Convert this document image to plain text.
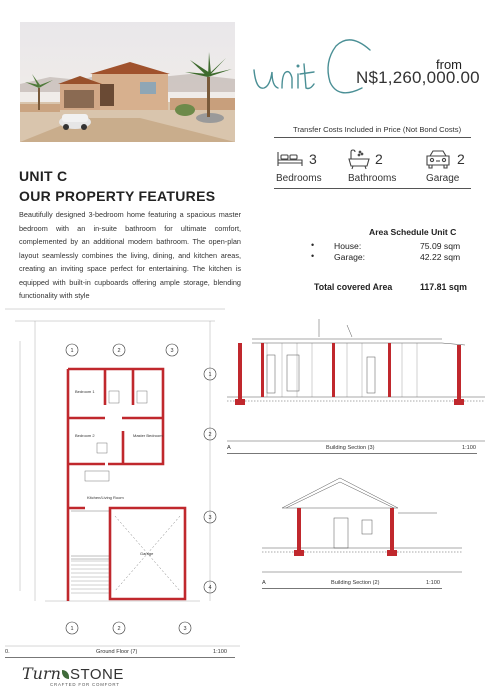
from
N$1,260,000.00
Transfer Costs Included in Price (Not Bond Costs)
3
Bedrooms
2
Bathrooms
2
Garage
UNIT C
OUR PROPERTY FEATURES
Beautifully designed 3-bedroom home featuring a spacious master bedroom with an in-suite bathroom for ultimate comfort, complemented by an additional modern bathroom. The open-plan layout seamlessly combines the living, dining, and kitchen areas, creating an inviting space perfect for entertaining. The kitchen is equipped with built-in cupboards offering ample storage, blending functionality with style
Area Schedule Unit C
• House:	75.09 sqm
• Garage:	42.22 sqm
Total covered Area	117.81 sqm
Bedroom 1
Bedroom 2	Master Bedroom
Kitchen/Living Room
Garage
1	2	3
1
2
3
4
1	2	3
0.	Ground Floor (7)	1:100
A	Building Section (3)	1:100
A	Building Section (2)	1:100
Turn STONE
CRAFTED FOR COMFORT
